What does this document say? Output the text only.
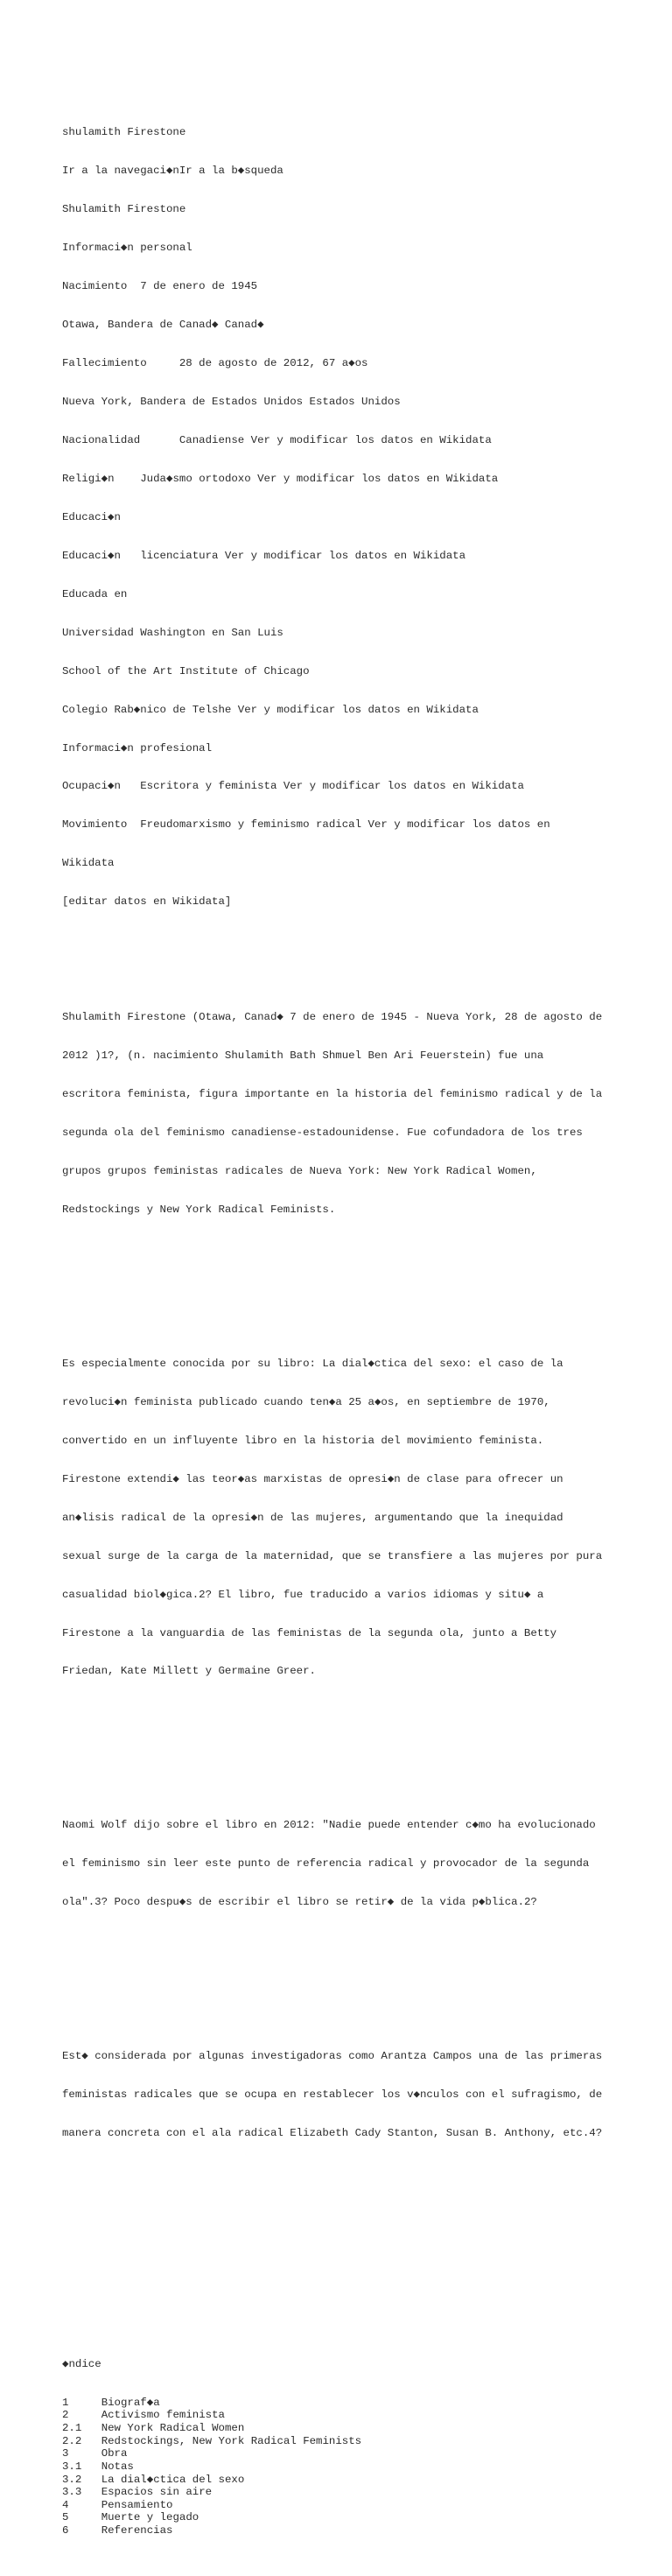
shulamith Firestone

Ir a la navegaci◆nIr a la b◆squeda

Shulamith Firestone

Informaci◆n personal

Nacimiento  7 de enero de 1945

Otawa, Bandera de Canad◆ Canad◆

Fallecimiento     28 de agosto de 2012, 67 a◆os

Nueva York, Bandera de Estados Unidos Estados Unidos

Nacionalidad      Canadiense Ver y modificar los datos en Wikidata

Religi◆n    Juda◆smo ortodoxo Ver y modificar los datos en Wikidata

Educaci◆n

Educaci◆n   licenciatura Ver y modificar los datos en Wikidata

Educada en

Universidad Washington en San Luis

School of the Art Institute of Chicago

Colegio Rab◆nico de Telshe Ver y modificar los datos en Wikidata

Informaci◆n profesional

Ocupaci◆n   Escritora y feminista Ver y modificar los datos en Wikidata

Movimiento  Freudomarxismo y feminismo radical Ver y modificar los datos en

Wikidata

[editar datos en Wikidata]

Shulamith Firestone (Otawa, Canad◆ 7 de enero de 1945 - Nueva York, 28 de agosto de

2012 )1?, (n. nacimiento Shulamith Bath Shmuel Ben Ari Feuerstein) fue una

escritora feminista, figura importante en la historia del feminismo radical y de la

segunda ola del feminismo canadiense-estadounidense. Fue cofundadora de los tres

grupos grupos feministas radicales de Nueva York: New York Radical Women,

Redstockings y New York Radical Feminists.

Es especialmente conocida por su libro: La dial◆ctica del sexo: el caso de la

revoluci◆n feminista publicado cuando ten◆a 25 a◆os, en septiembre de 1970,

convertido en un influyente libro en la historia del movimiento feminista.

Firestone extendi◆ las teor◆as marxistas de opresi◆n de clase para ofrecer un

an◆lisis radical de la opresi◆n de las mujeres, argumentando que la inequidad

sexual surge de la carga de la maternidad, que se transfiere a las mujeres por pura

casualidad biol◆gica.2? El libro, fue traducido a varios idiomas y situ◆ a

Firestone a la vanguardia de las feministas de la segunda ola, junto a Betty

Friedan, Kate Millett y Germaine Greer.

Naomi Wolf dijo sobre el libro en 2012: "Nadie puede entender c◆mo ha evolucionado

el feminismo sin leer este punto de referencia radical y provocador de la segunda

ola".3? Poco despu◆s de escribir el libro se retir◆ de la vida p◆blica.2?

Est◆ considerada por algunas investigadoras como Arantza Campos una de las primeras

feministas radicales que se ocupa en restablecer los v◆nculos con el sufragismo, de

manera concreta con el ala radical Elizabeth Cady Stanton, Susan B. Anthony, etc.4?

◆ndice

1	Biograf◆a
2	Activismo feminista
2.1 New York Radical Women
2.2 Redstockings, New York Radical Feminists
3	Obra
3.1 Notas
3.2 La dial◆ctica del sexo
3.3 Espacios sin aire
4	Pensamiento
5	Muerte y legado
6	Referencias
